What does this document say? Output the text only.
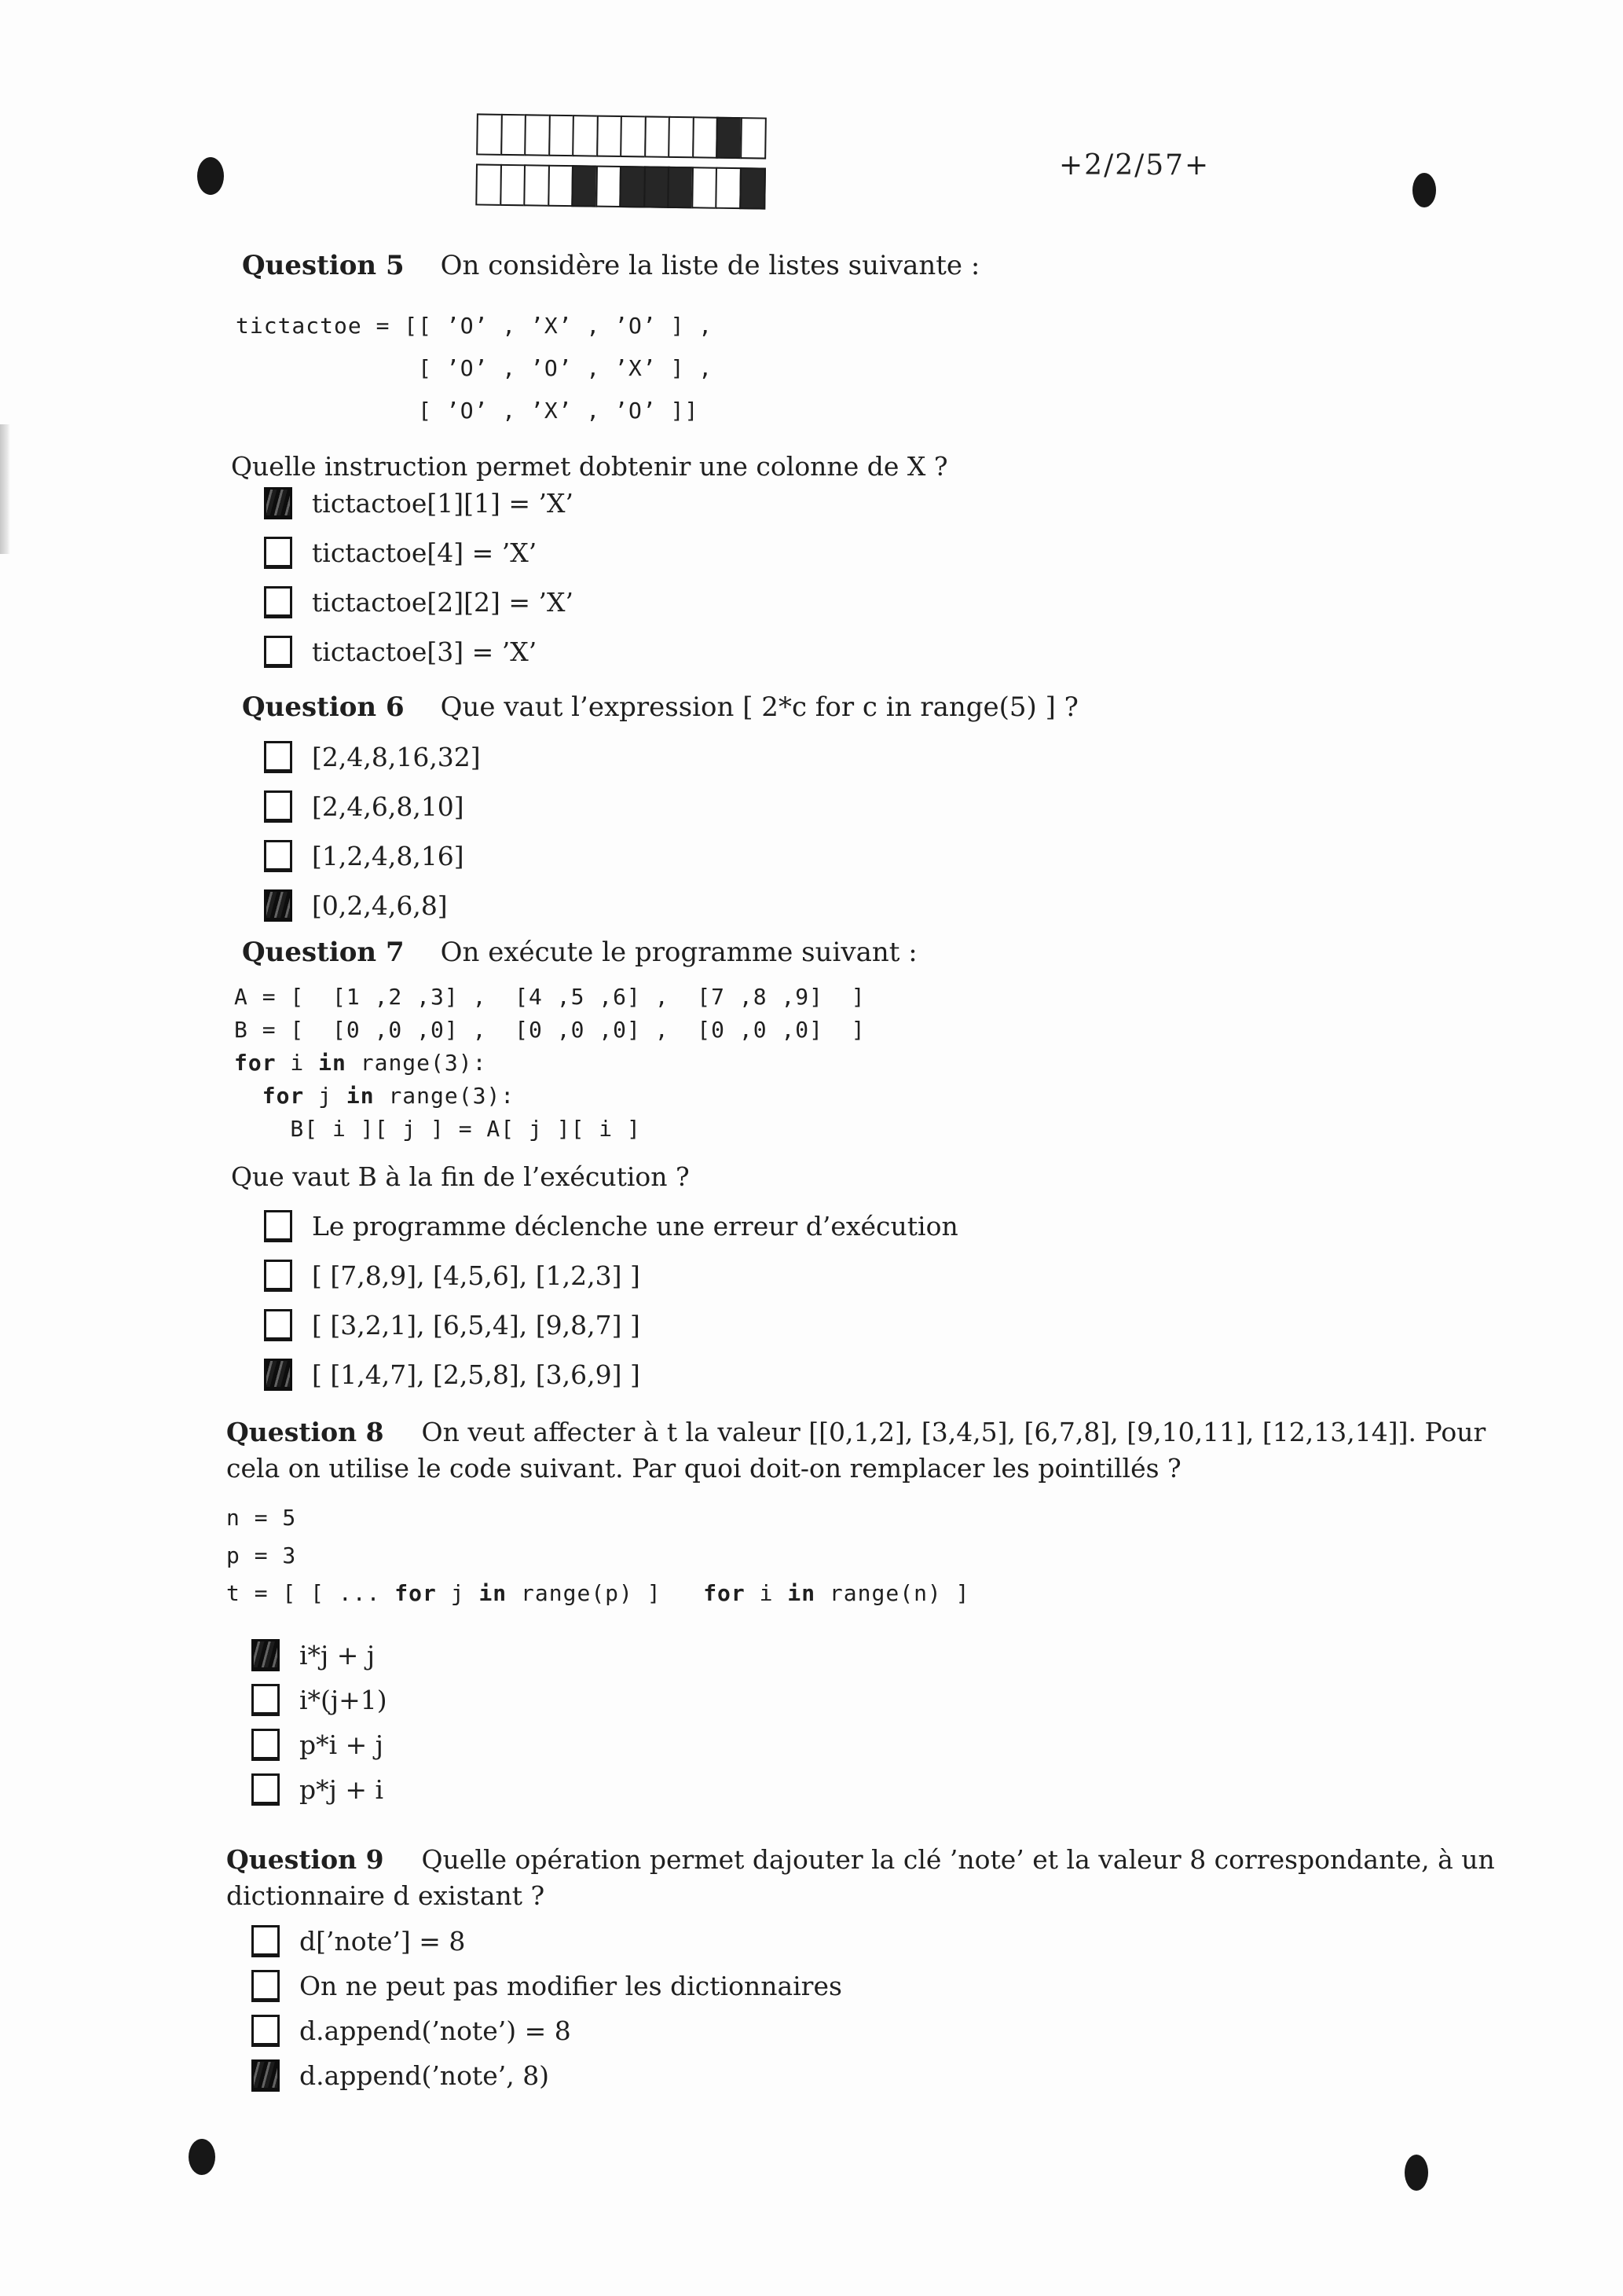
+2/2/57+
Question 5 On considère la liste de listes suivante :
tictactoe = [[ ’O’ , ’X’ , ’O’ ] ,
[ ’O’ , ’O’ , ’X’ ] ,
[ ’O’ , ’X’ , ’O’ ]]
Quelle instruction permet dobtenir une colonne de X ?
tictactoe[1][1] = ’X’
tictactoe[4] = ’X’
tictactoe[2][2] = ’X’
tictactoe[3] = ’X’
Question 6 Que vaut l’expression [ 2*c for c in range(5) ] ?
[2,4,8,16,32]
[2,4,6,8,10]
[1,2,4,8,16]
[0,2,4,6,8]
Question 7 On exécute le programme suivant :
A = [  [1 ,2 ,3] ,  [4 ,5 ,6] ,  [7 ,8 ,9]  ]
B = [  [0 ,0 ,0] ,  [0 ,0 ,0] ,  [0 ,0 ,0]  ]
for i in range(3):
for j in range(3):
B[ i ][ j ] = A[ j ][ i ]
Que vaut B à la fin de l’exécution ?
Le programme déclenche une erreur d’exécution
[ [7,8,9], [4,5,6], [1,2,3] ]
[ [3,2,1], [6,5,4], [9,8,7] ]
[ [1,4,7], [2,5,8], [3,6,9] ]
Question 8 On veut affecter à t la valeur [[0,1,2], [3,4,5], [6,7,8], [9,10,11], [12,13,14]]. Pour
cela on utilise le code suivant. Par quoi doit-on remplacer les pointillés ?
n = 5
p = 3
t = [ [ ... for j in range(p) ]   for i in range(n) ]
i*j + j
i*(j+1)
p*i + j
p*j + i
Question 9 Quelle opération permet dajouter la clé ’note’ et la valeur 8 correspondante, à un
dictionnaire d existant ?
d[’note’] = 8
On ne peut pas modifier les dictionnaires
d.append(’note’) = 8
d.append(’note’, 8)
